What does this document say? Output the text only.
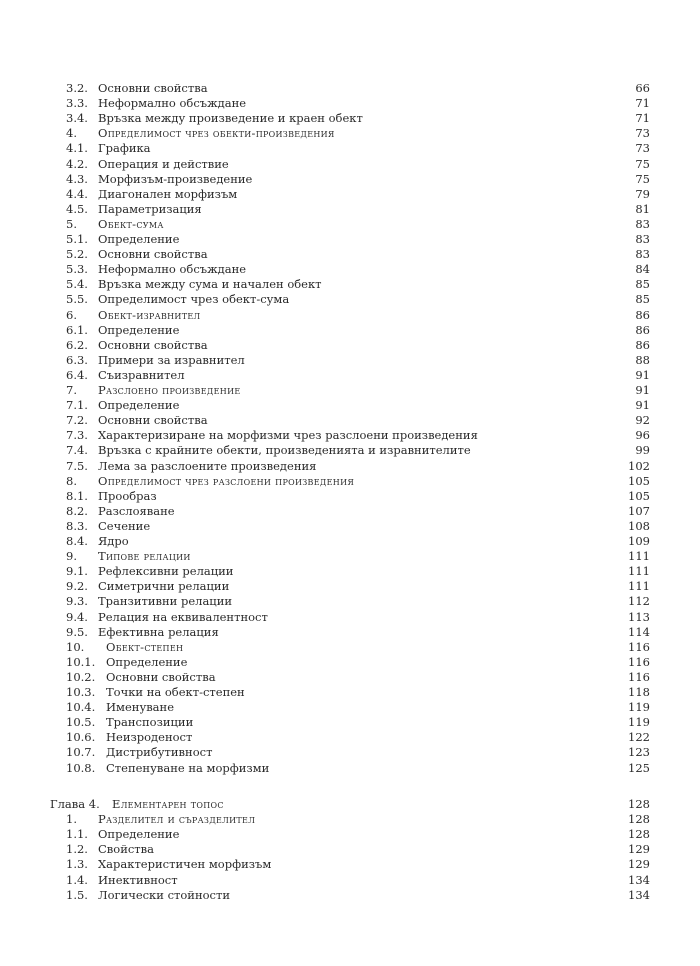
3.2. Основни свойства	66
3.3. Неформално обсъждане	71
3.4. Връзка между произведение и краен обект	71
4. Определимост чрез обекти-произведения	73
4.1. Графика	73
4.2. Операция и действие	75
4.3. Морфизъм-произведение	75
4.4. Диагонален морфизъм	79
4.5. Параметризация	81
5. Обект-сума	83
5.1. Определение	83
5.2. Основни свойства	83
5.3. Неформално обсъждане	84
5.4. Връзка между сума и начален обект	85
5.5. Определимост чрез обект-сума	85
6. Обект-изравнител	86
6.1. Определение	86
6.2. Основни свойства	86
6.3. Примери за изравнител	88
6.4. Съизравнител	91
7. Разслоено произведение	91
7.1. Определение	91
7.2. Основни свойства	92
7.3. Характеризиране на морфизми чрез разслоени произведения	96
7.4. Връзка с крайните обекти, произведенията и изравнителите	99
7.5. Лема за разслоените произведения	102
8. Определимост чрез разслоени произведения	105
8.1. Прообраз	105
8.2. Разслояване	107
8.3. Сечение	108
8.4. Ядро	109
9. Типове релации	111
9.1. Рефлексивни релации	111
9.2. Симетрични релации	111
9.3. Транзитивни релации	112
9.4. Релация на еквивалентност	113
9.5. Ефективна релация	114
10. Обект-степен	116
10.1. Определение	116
10.2. Основни свойства	116
10.3. Точки на обект-степен	118
10.4. Именуване	119
10.5. Транспозиции	119
10.6. Неизроденост	122
10.7. Дистрибутивност	123
10.8. Степенуване на морфизми	125
Глава 4. Елементарен топос	128
1. Разделител и съразделител	128
1.1. Определение	128
1.2. Свойства	129
1.3. Характеристичен морфизъм	129
1.4. Инективност	134
1.5. Логически стойности	134
